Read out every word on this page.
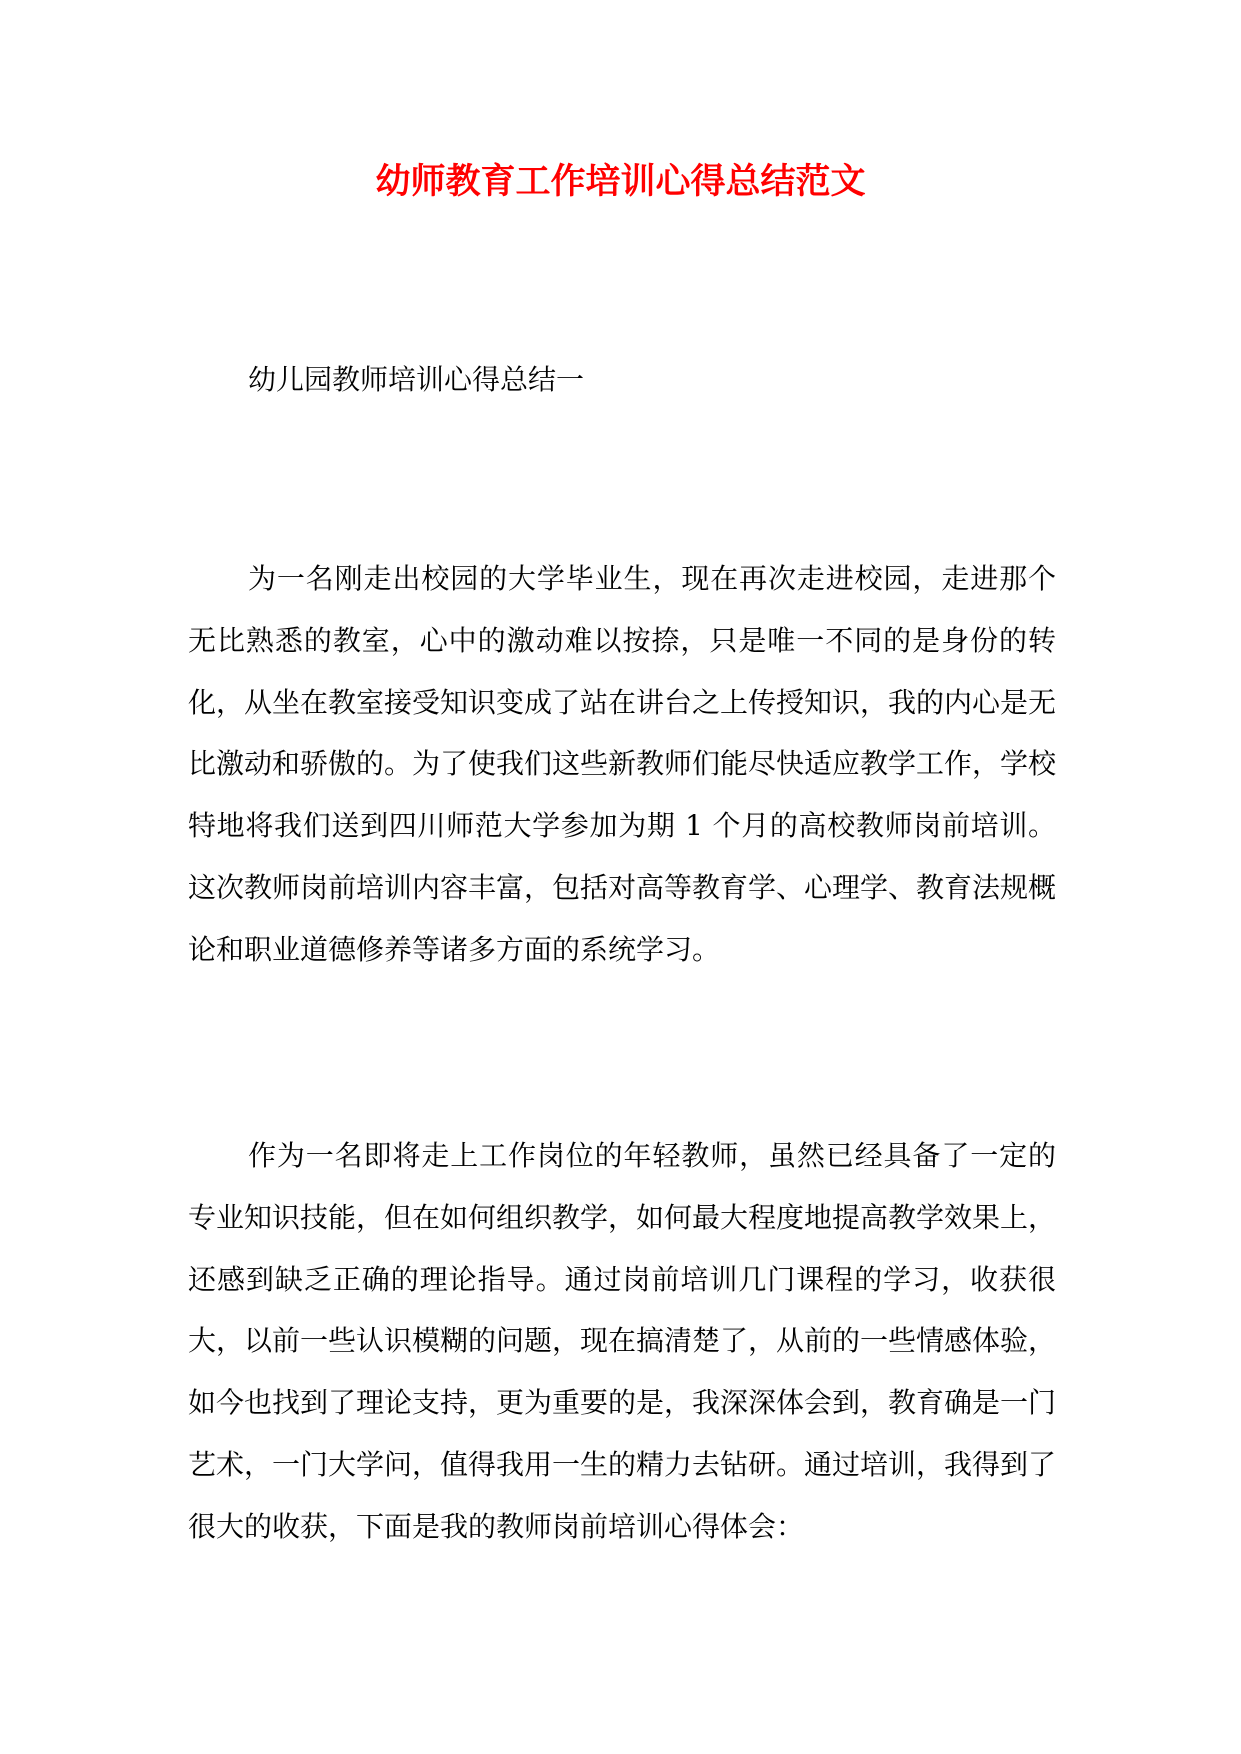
幼师教育工作培训心得总结范文

幼儿园教师培训心得总结一

为一名刚走出校园的大学毕业生，现在再次走进校园，走进那个无比熟悉的教室，心中的激动难以按捺，只是唯一不同的是身份的转化，从坐在教室接受知识变成了站在讲台之上传授知识，我的内心是无比激动和骄傲的。为了使我们这些新教师们能尽快适应教学工作，学校特地将我们送到四川师范大学参加为期 1 个月的高校教师岗前培训。这次教师岗前培训内容丰富，包括对高等教育学、心理学、教育法规概论和职业道德修养等诸多方面的系统学习。

作为一名即将走上工作岗位的年轻教师，虽然已经具备了一定的专业知识技能，但在如何组织教学，如何最大程度地提高教学效果上，还感到缺乏正确的理论指导。通过岗前培训几门课程的学习，收获很大，以前一些认识模糊的问题，现在搞清楚了，从前的一些情感体验，如今也找到了理论支持，更为重要的是，我深深体会到，教育确是一门艺术，一门大学问，值得我用一生的精力去钻研。通过培训，我得到了很大的收获，下面是我的教师岗前培训心得体会：
